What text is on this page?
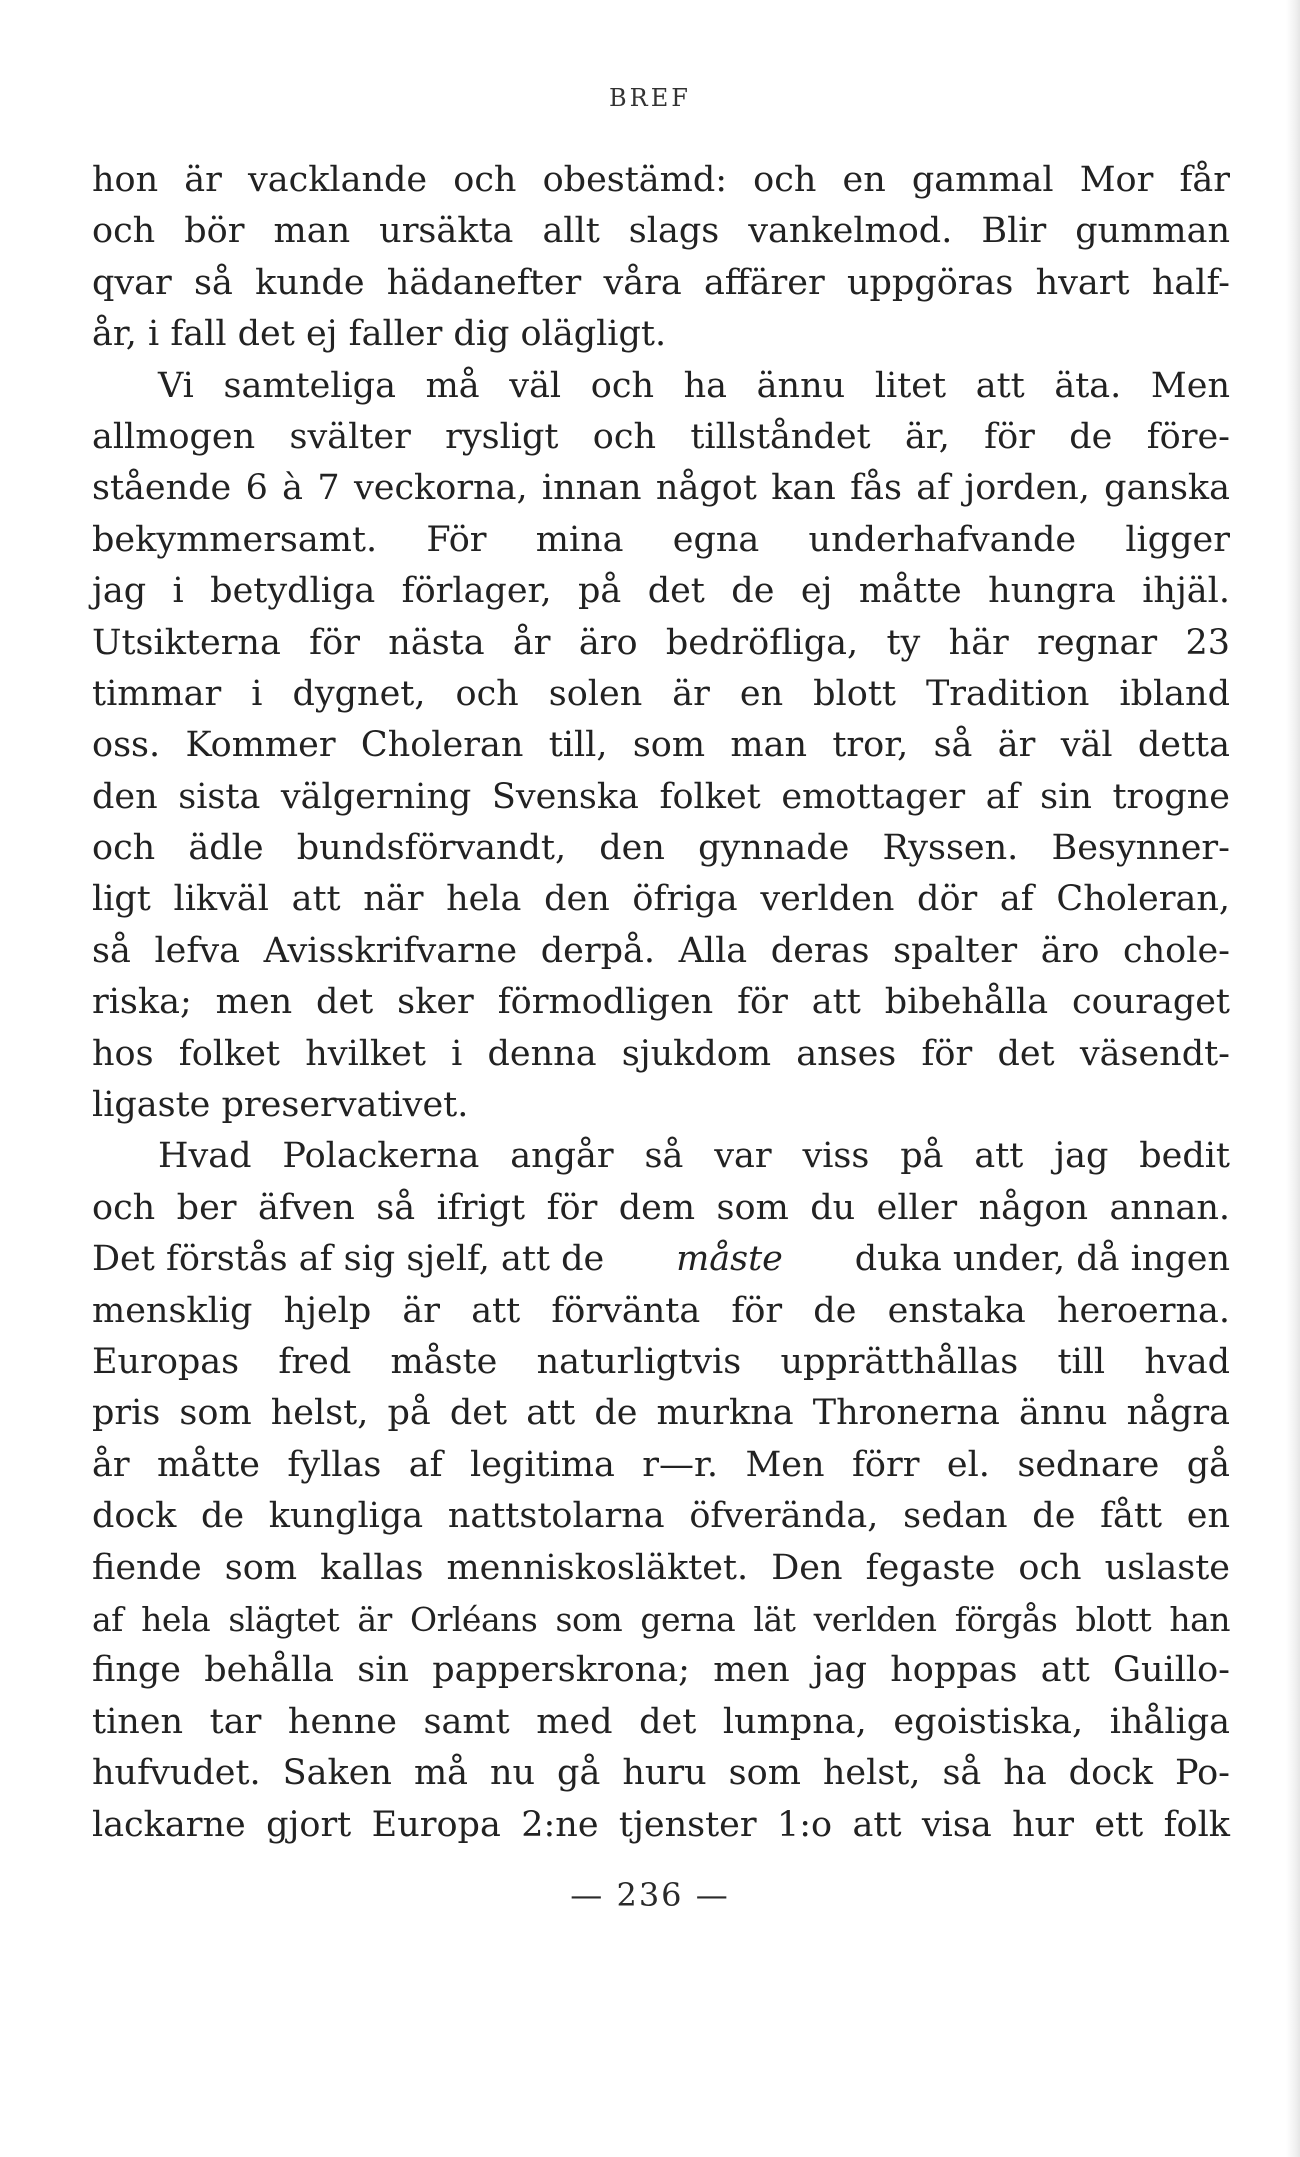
BREF
hon är vacklande och obestämd: och en gammal Mor får
och bör man ursäkta allt slags vankelmod. Blir gumman
qvar så kunde hädanefter våra affärer uppgöras hvart half-
år, i fall det ej faller dig olägligt.
Vi samteliga må väl och ha ännu litet att äta. Men
allmogen svälter rysligt och tillståndet är, för de före-
stående 6 à 7 veckorna, innan något kan fås af jorden, ganska
bekymmersamt. För mina egna underhafvande ligger
jag i betydliga förlager, på det de ej måtte hungra ihjäl.
Utsikterna för nästa år äro bedröfliga, ty här regnar 23
timmar i dygnet, och solen är en blott Tradition ibland
oss. Kommer Choleran till, som man tror, så är väl detta
den sista välgerning Svenska folket emottager af sin trogne
och ädle bundsförvandt, den gynnade Ryssen. Besynner-
ligt likväl att när hela den öfriga verlden dör af Choleran,
så lefva Avisskrifvarne derpå. Alla deras spalter äro chole-
riska; men det sker förmodligen för att bibehålla couraget
hos folket hvilket i denna sjukdom anses för det väsendt-
ligaste preservativet.
Hvad Polackerna angår så var viss på att jag bedit
och ber äfven så ifrigt för dem som du eller någon annan.
Det förstås af sig sjelf, att de måste duka under, då ingen
mensklig hjelp är att förvänta för de enstaka heroerna.
Europas fred måste naturligtvis upprätthållas till hvad
pris som helst, på det att de murkna Thronerna ännu några
år måtte fyllas af legitima r—r. Men förr el. sednare gå
dock de kungliga nattstolarna öfverända, sedan de fått en
fiende som kallas menniskosläktet. Den fegaste och uslaste
af hela slägtet är Orléans som gerna lät verlden förgås blott han
finge behålla sin papperskrona; men jag hoppas att Guillo-
tinen tar henne samt med det lumpna, egoistiska, ihåliga
hufvudet. Saken må nu gå huru som helst, så ha dock Po-
lackarne gjort Europa 2:ne tjenster 1:o att visa hur ett folk
— 236 —
